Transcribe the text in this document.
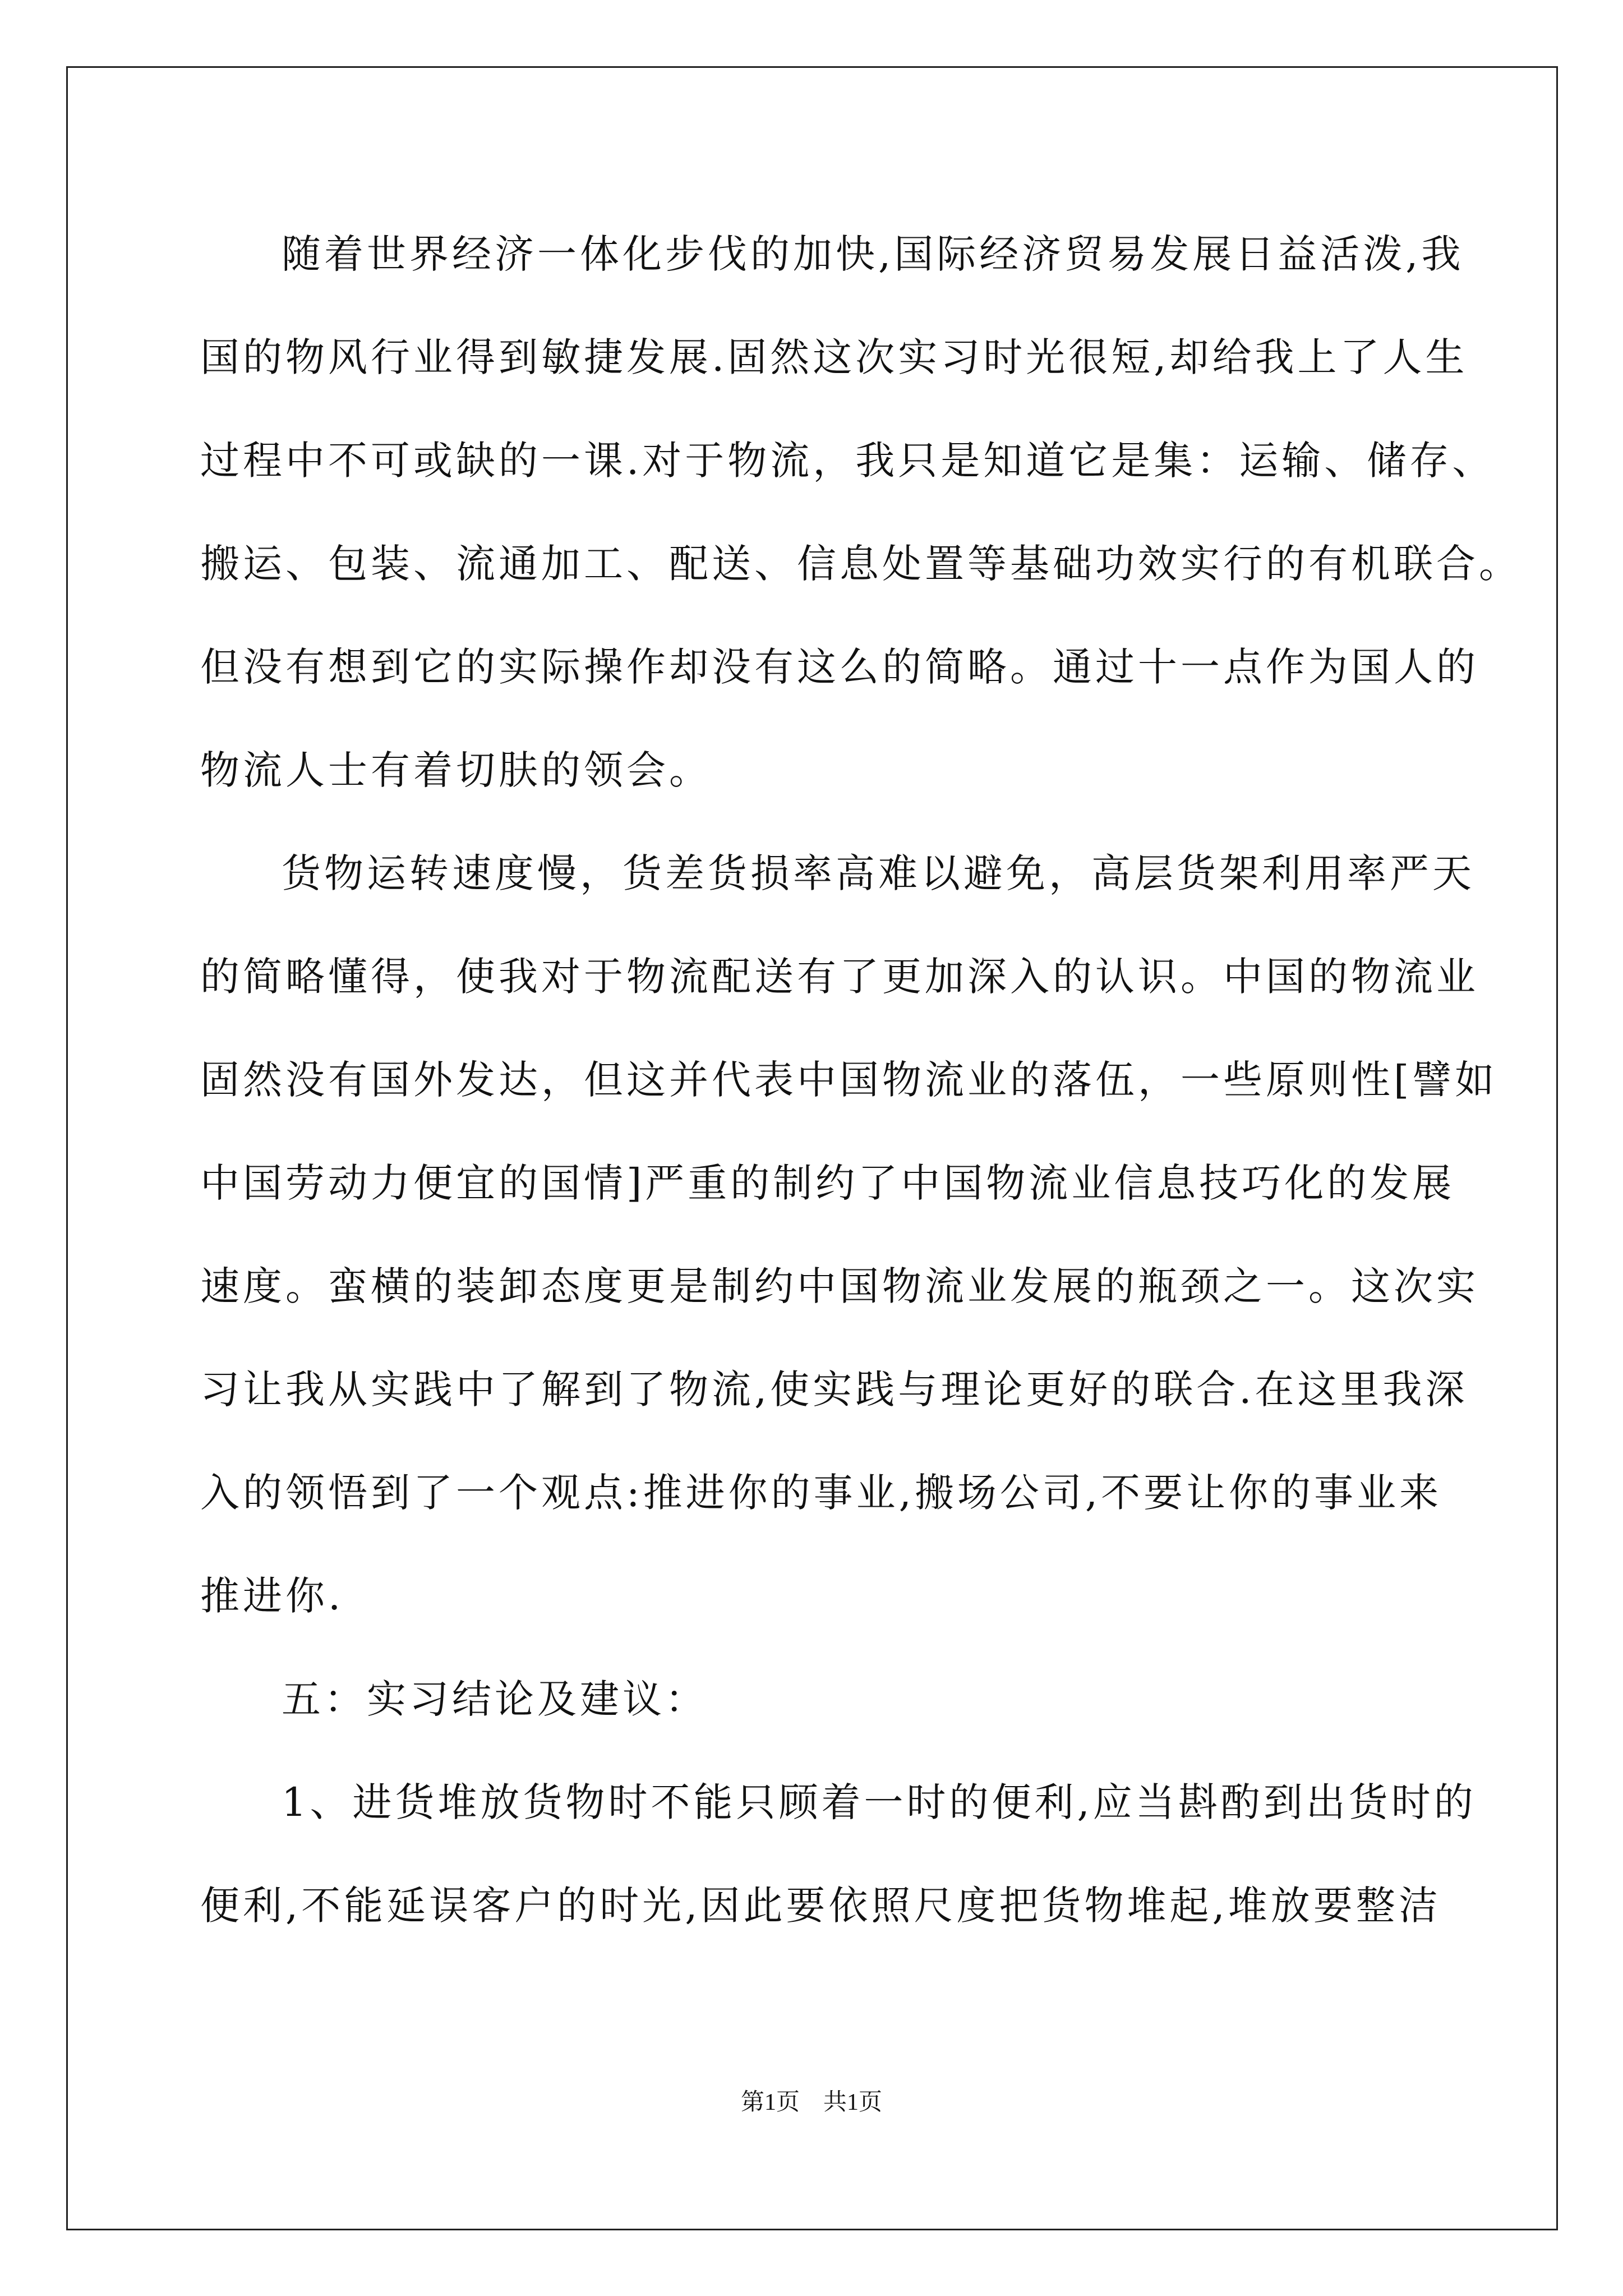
随着世界经济一体化步伐的加快,国际经济贸易发展日益活泼,我
国的物风行业得到敏捷发展.固然这次实习时光很短,却给我上了人生
过程中不可或缺的一课.对于物流，我只是知道它是集：运输、储存、
搬运、包装、流通加工、配送、信息处置等基础功效实行的有机联合。
但没有想到它的实际操作却没有这么的简略。通过十一点作为国人的
物流人士有着切肤的领会。
货物运转速度慢，货差货损率高难以避免，高层货架利用率严天
的简略懂得，使我对于物流配送有了更加深入的认识。中国的物流业
固然没有国外发达，但这并代表中国物流业的落伍，一些原则性[譬如
中国劳动力便宜的国情]严重的制约了中国物流业信息技巧化的发展
速度。蛮横的装卸态度更是制约中国物流业发展的瓶颈之一。这次实
习让我从实践中了解到了物流,使实践与理论更好的联合.在这里我深
入的领悟到了一个观点:推进你的事业,搬场公司,不要让你的事业来
推进你.
五：实习结论及建议：
1、进货堆放货物时不能只顾着一时的便利,应当斟酌到出货时的
便利,不能延误客户的时光,因此要依照尺度把货物堆起,堆放要整洁
第1页　共1页
